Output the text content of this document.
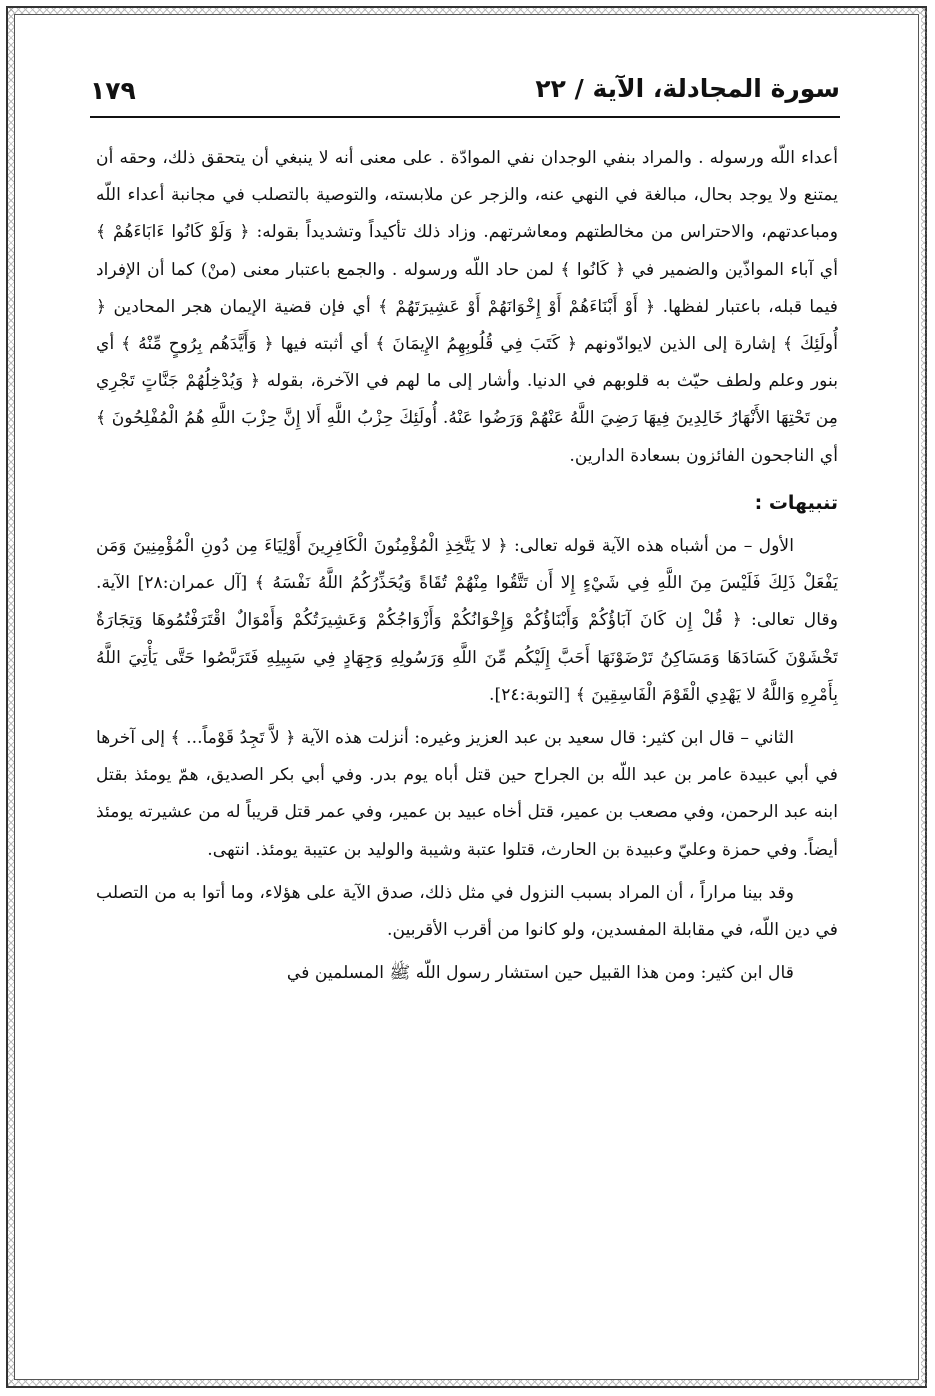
سورة المجادلة، الآية / ٢٢
١٧٩

أعداء اللّه ورسوله . والمراد بنفي الوجدان نفي الموادّة . على معنى أنه لا ينبغي أن يتحقق ذلك، وحقه أن يمتنع ولا يوجد بحال، مبالغة في النهي عنه، والزجر عن ملابسته، والتوصية بالتصلب في مجانبة أعداء اللّه ومباعدتهم، والاحتراس من مخالطتهم ومعاشرتهم. وزاد ذلك تأكيداً وتشديداً بقوله: ﴿ وَلَوْ كَانُوا ءَابَاءَهُمْ ﴾ أي آباء المواذّين والضمير في ﴿ كَانُوا ﴾ لمن حاد اللّه ورسوله . والجمع باعتبار معنى (منْ) كما أن الإفراد فيما قبله، باعتبار لفظها. ﴿ أَوْ أَبْنَاءَهُمْ أَوْ إِخْوَانَهُمْ أَوْ عَشِيرَتَهُمْ ﴾ أي فإن قضية الإيمان هجر المحادين ﴿ أُولَئِكَ ﴾ إشارة إلى الذين لايوادّونهم ﴿ كَتَبَ فِي قُلُوبِهِمُ الإِيمَانَ ﴾ أي أثبته فيها ﴿ وَأَيَّدَهُم بِرُوحٍ مِّنْهُ ﴾ أي بنور وعلم ولطف حيّث به قلوبهم في الدنيا. وأشار إلى ما لهم في الآخرة، بقوله ﴿ وَيُدْخِلُهُمْ جَنَّاتٍ تَجْرِي مِن تَحْتِهَا الأَنْهَارُ خَالِدِينَ فِيهَا رَضِيَ اللَّهُ عَنْهُمْ وَرَضُوا عَنْهُ. أُولَئِكَ حِزْبُ اللَّهِ أَلا إِنَّ حِزْبَ اللَّهِ هُمُ الْمُفْلِحُونَ ﴾ أي الناجحون الفائزون بسعادة الدارين.

تنبيهات :

الأول – من أشباه هذه الآية قوله تعالى: ﴿ لا يَتَّخِذِ الْمُؤْمِنُونَ الْكَافِرِينَ أَوْلِيَاءَ مِن دُونِ الْمُؤْمِنِينَ وَمَن يَفْعَلْ ذَلِكَ فَلَيْسَ مِنَ اللَّهِ فِي شَيْءٍ إِلا أَن تَتَّقُوا مِنْهُمْ تُقَاةً وَيُحَذِّرُكُمُ اللَّهُ نَفْسَهُ ﴾ [آل عمران:٢٨] الآية. وقال تعالى: ﴿ قُلْ إِن كَانَ آبَاؤُكُمْ وَأَبْنَاؤُكُمْ وَإِخْوَانُكُمْ وَأَزْوَاجُكُمْ وَعَشِيرَتُكُمْ وَأَمْوَالٌ اقْتَرَفْتُمُوهَا وَتِجَارَةٌ تَخْشَوْنَ كَسَادَهَا وَمَسَاكِنُ تَرْضَوْنَهَا أَحَبَّ إِلَيْكُم مِّنَ اللَّهِ وَرَسُولِهِ وَجِهَادٍ فِي سَبِيلِهِ فَتَرَبَّصُوا حَتَّى يَأْتِيَ اللَّهُ بِأَمْرِهِ وَاللَّهُ لا يَهْدِي الْقَوْمَ الْفَاسِقِينَ ﴾ [التوبة:٢٤].

الثاني – قال ابن كثير: قال سعيد بن عبد العزيز وغيره: أنزلت هذه الآية ﴿ لاَّ تَجِدُ قَوْماً... ﴾ إلى آخرها في أبي عبيدة عامر بن عبد اللّه بن الجراح حين قتل أباه يوم بدر. وفي أبي بكر الصديق، همّ يومئذ بقتل ابنه عبد الرحمن، وفي مصعب بن عمير، قتل أخاه عبيد بن عمير، وفي عمر قتل قريباً له من عشيرته يومئذ أيضاً. وفي حمزة وعليّ وعبيدة بن الحارث، قتلوا عتبة وشيبة والوليد بن عتيبة يومئذ. انتهى.

وقد بينا مراراً ، أن المراد بسبب النزول في مثل ذلك، صدق الآية على هؤلاء، وما أتوا به من التصلب في دين اللّه، في مقابلة المفسدين، ولو كانوا من أقرب الأقربين.

قال ابن كثير: ومن هذا القبيل حين استشار رسول اللّه ﷺ المسلمين في
